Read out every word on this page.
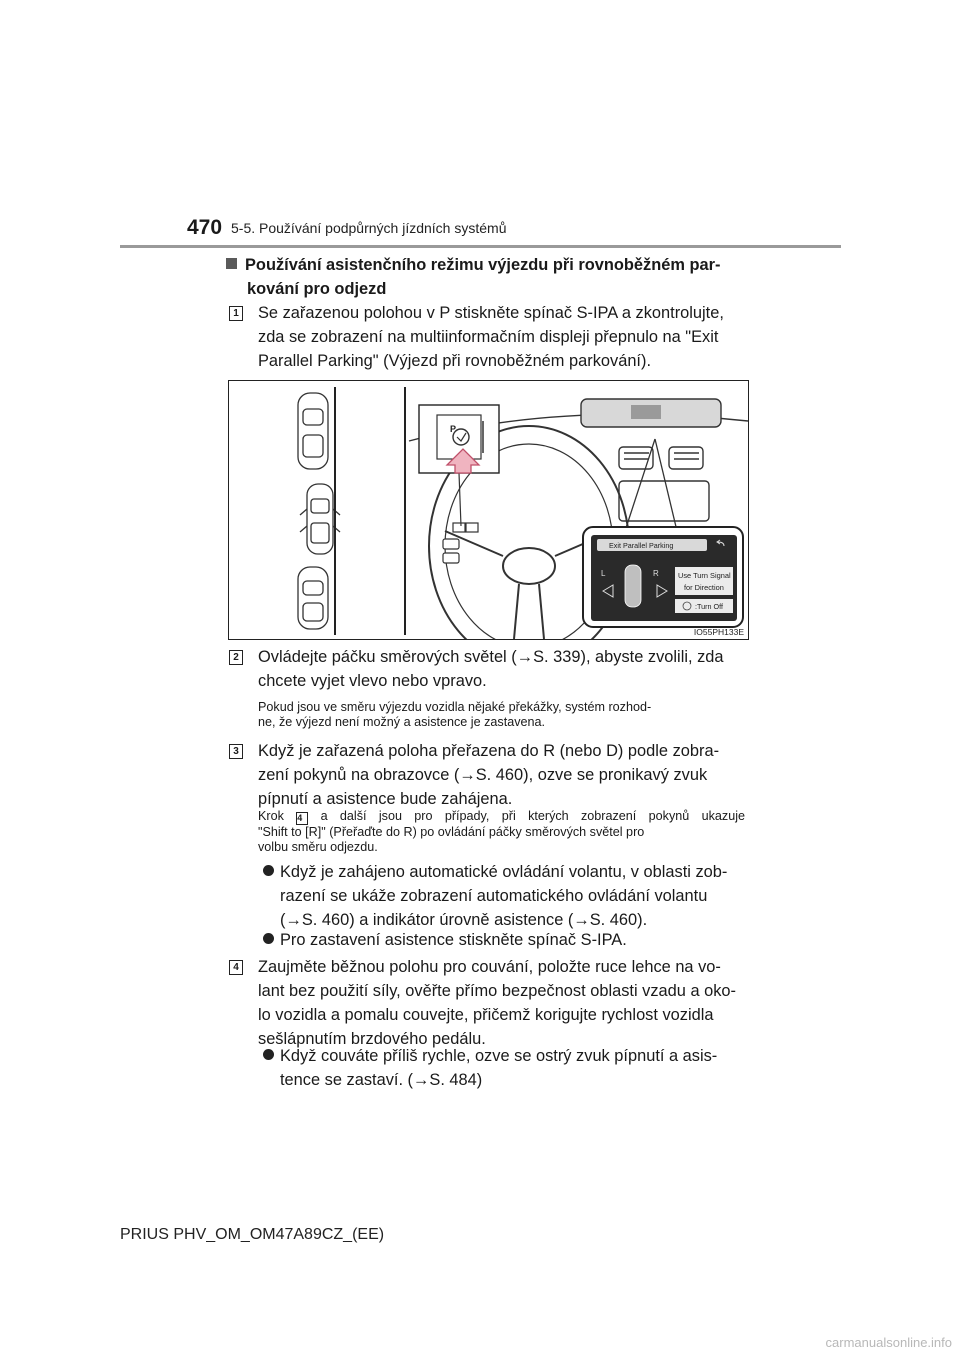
470 5-5. Používání podpůrných jízdních systémů
Používání asistenčního režimu výjezdu při rovnoběžném par-
kování pro odjezd
1 Se zařazenou polohou v P stiskněte spínač S-IPA a zkontrolujte,
zda se zobrazení na multiinformačním displeji přepnulo na "Exit
Parallel Parking" (Výjezd při rovnoběžném parkování).
P
Exit Parallel Parking
L	R	Use Turn Signal
for Direction
:Turn Off
IO55PH133E
2 Ovládejte páčku směrových světel (→S. 339), abyste zvolili, zda
chcete vyjet vlevo nebo vpravo.
Pokud jsou ve směru výjezdu vozidla nějaké překážky, systém rozhod-
ne, že výjezd není možný a asistence je zastavena.
3 Když je zařazená poloha přeřazena do R (nebo D) podle zobra-
zení pokynů na obrazovce (→S. 460), ozve se pronikavý zvuk
pípnutí a asistence bude zahájena.
Krok 4 a další jsou pro případy, při kterých zobrazení pokynů ukazuje
"Shift to [R]" (Přeřaďte do R) po ovládání páčky směrových světel pro
volbu směru odjezdu.
Když je zahájeno automatické ovládání volantu, v oblasti zob-
razení se ukáže zobrazení automatického ovládání volantu
(→S. 460) a indikátor úrovně asistence (→S. 460).
Pro zastavení asistence stiskněte spínač S-IPA.
4 Zaujměte běžnou polohu pro couvání, položte ruce lehce na vo-
lant bez použití síly, ověřte přímo bezpečnost oblasti vzadu a oko-
lo vozidla a pomalu couvejte, přičemž korigujte rychlost vozidla
sešlápnutím brzdového pedálu.
Když couváte příliš rychle, ozve se ostrý zvuk pípnutí a asis-
tence se zastaví. (→S. 484)
PRIUS PHV_OM_OM47A89CZ_(EE)
carmanualsonline.info
